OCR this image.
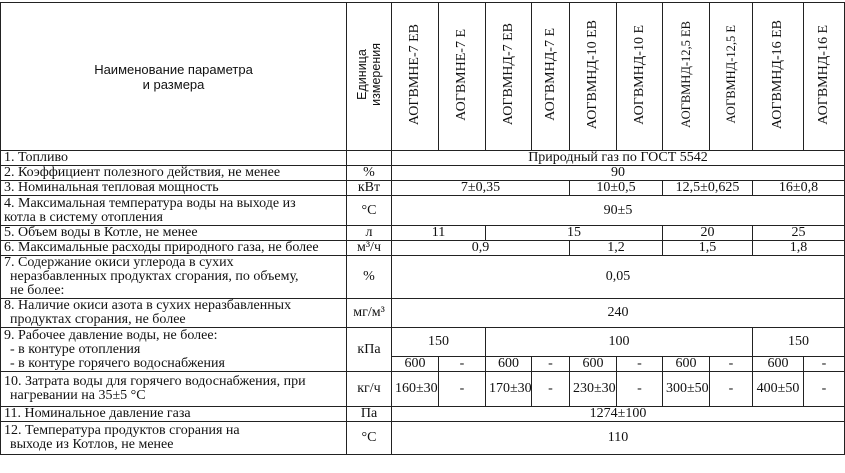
Наименование параметра
и размера	Единица
измерения	АОГВМНЕ-7 ЕВ	АОГВМНЕ-7 Е	АОГВМНД-7 ЕВ	АОГВМНД-7 Е	АОГВМНД-10 ЕВ	АОГВМНД-10 Е	АОГВМНД-12,5 ЕВ	АОГВМНД-12,5 Е	АОГВМНД-16 ЕВ	АОГВМНД-16 Е
1. Топливо		Природный газ по ГОСТ 5542									
2. Коэффициент полезного действия, не менее	%	90									
3. Номинальная тепловая мощность	кВт	7±0,35				10±0,5		12,5±0,625		16±0,8	
4. Максимальная температура воды на выходе из
котла в систему отопления	°С	90±5									
5. Объем воды в Котле, не менее	л	11		15				20		25	
6. Максимальные расходы природного газа, не более	м³/ч	0,9				1,2		1,5		1,8	
7. Содержание окиси углерода в сухих

неразбавленных продуктах сгорания, по объему,
не более:	%	0,05									
8. Наличие окиси азота в сухих неразбавленных

продуктах сгорания, не более	мг/м³	240									
9. Рабочее давление воды, не более:

- в контуре отопления
- в контуре горячего водоснабжения	кПа	150		100						150	
		600	-	600	-	600	-	600	-	600	-
10. Затрата воды для горячего водоснабжения, при

нагревании на 35±5 °С	кг/ч	160±30	-	170±30	-	230±30	-	300±50	-	400±50	-
11. Номинальное давление газа	Па	1274±100									
12. Температура продуктов сгорания на

выходе из Котлов, не менее	°С	110									
